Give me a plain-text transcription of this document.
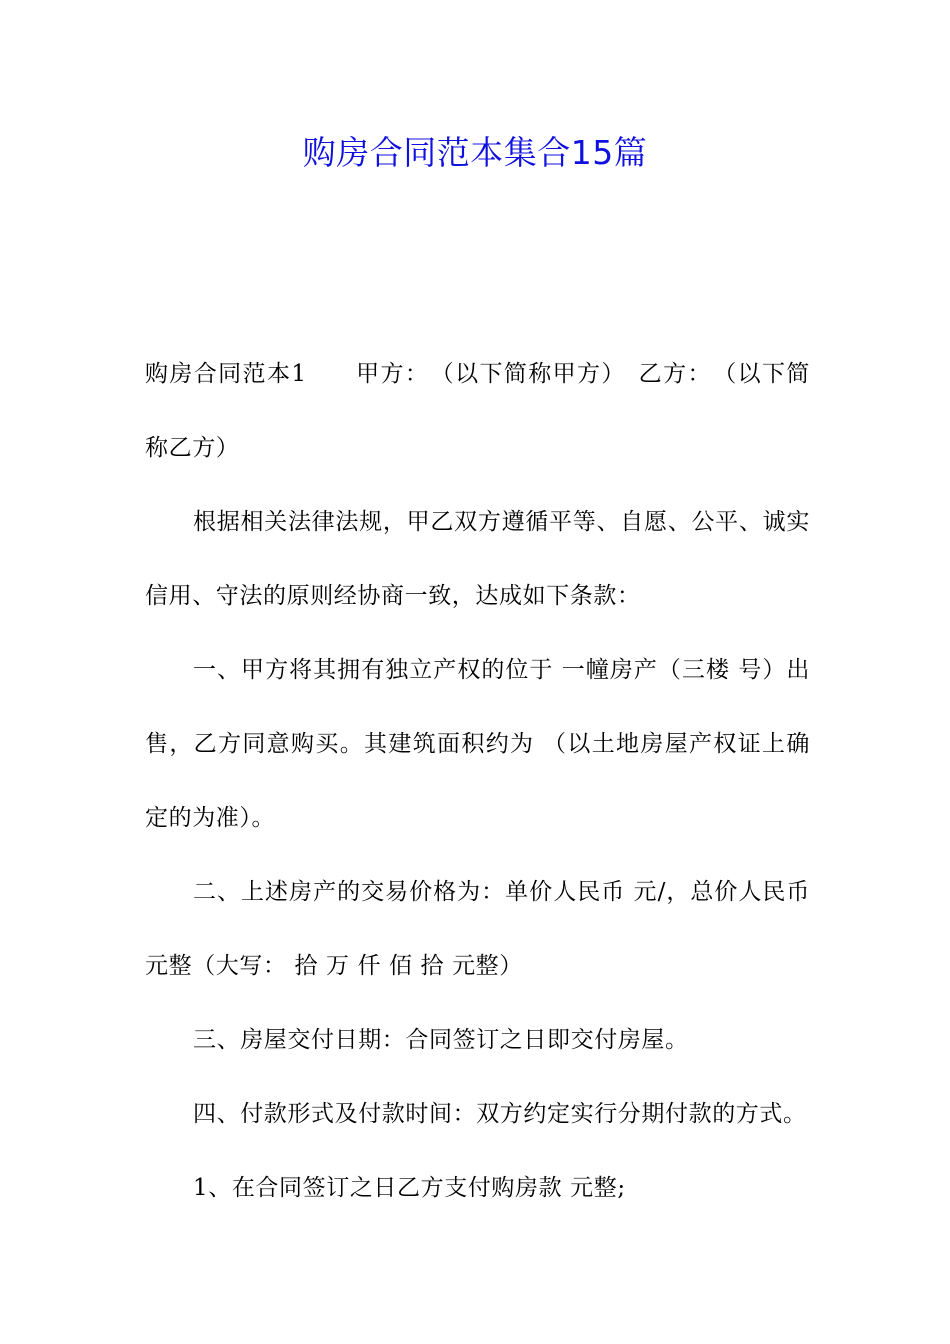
购房合同范本集合15篇

购房合同范本1　　甲方：　（以下简称甲方）　乙方：　（以下简称乙方）

根据相关法律法规，甲乙双方遵循平等、自愿、公平、诚实信用、守法的原则经协商一致，达成如下条款：

一、甲方将其拥有独立产权的位于 一幢房产（三楼 号）出售，乙方同意购买。其建筑面积约为 （以土地房屋产权证上确定的为准）。

二、上述房产的交易价格为：单价人民币 元/，总价人民币 元整（大写： 拾 万 仟 佰 拾 元整）

三、房屋交付日期：合同签订之日即交付房屋。

四、付款形式及付款时间：双方约定实行分期付款的方式。

1、在合同签订之日乙方支付购房款 元整;
